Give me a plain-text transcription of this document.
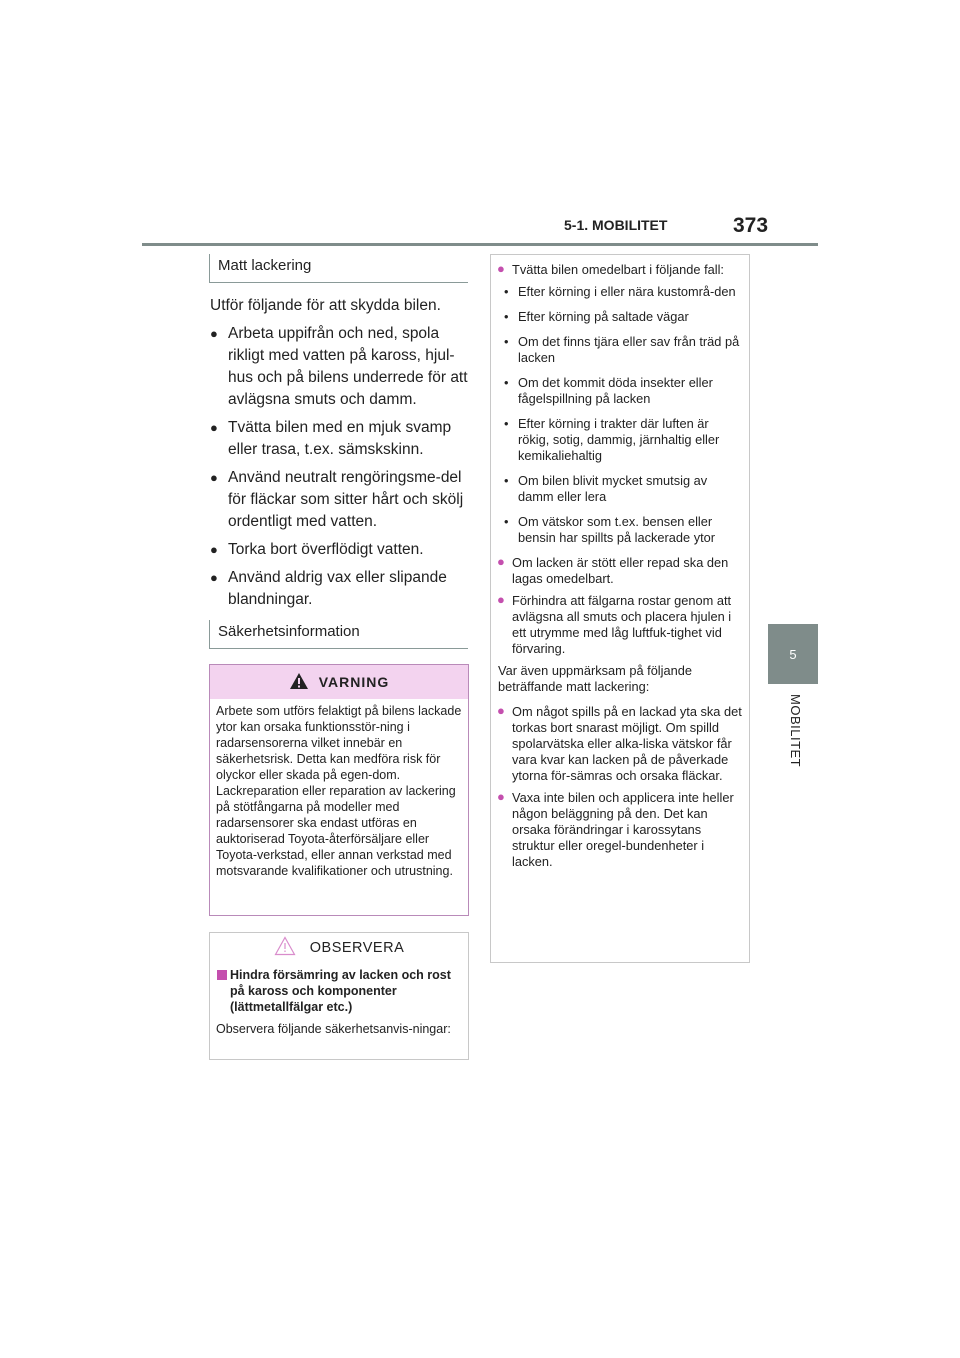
5-1. MOBILITET	373
5
MOBILITET
Matt lackering

Utför följande för att skydda bilen.

● Arbeta uppifrån och ned, spola rikligt med vatten på kaross, hjul-hus och på bilens underrede för att avlägsna smuts och damm.
● Tvätta bilen med en mjuk svamp eller trasa, t.ex. sämskskinn.
● Använd neutralt rengöringsme-del för fläckar som sitter hårt och skölj ordentligt med vatten.
● Torka bort överflödigt vatten.
● Använd aldrig vax eller slipande blandningar.
Säkerhetsinformation
VARNING
Arbete som utförs felaktigt på bilens lackade ytor kan orsaka funktionsstör-ning i radarsensorerna vilket innebär en säkerhetsrisk. Detta kan medföra risk för olyckor eller skada på egen-dom. Lackreparation eller reparation av lackering på stötfångarna på modeller med radarsensorer ska endast utföras en auktoriserad Toyota-återförsäljare eller Toyota-verkstad, eller annan verkstad med motsvarande kvalifikationer och utrustning.
OBSERVERA
Hindra försämring av lacken och rost på kaross och komponenter (lättmetallfälgar etc.)
Observera följande säkerhetsanvis-ningar:
● Tvätta bilen omedelbart i följande fall:
• Efter körning i eller nära kustområ-den
• Efter körning på saltade vägar
• Om det finns tjära eller sav från träd på lacken
• Om det kommit döda insekter eller fågelspillning på lacken
• Efter körning i trakter där luften är rökig, sotig, dammig, järnhaltig eller kemikaliehaltig
• Om bilen blivit mycket smutsig av damm eller lera
• Om vätskor som t.ex. bensen eller bensin har spillts på lackerade ytor
● Om lacken är stött eller repad ska den lagas omedelbart.
● Förhindra att fälgarna rostar genom att avlägsna all smuts och placera hjulen i ett utrymme med låg luftfuk-tighet vid förvaring.
Var även uppmärksam på följande beträffande matt lackering:
● Om något spills på en lackad yta ska det torkas bort snarast möjligt. Om spilld spolarvätska eller alka-liska vätskor får vara kvar kan lacken på de påverkade ytorna för-sämras och orsaka fläckar.
● Vaxa inte bilen och applicera inte heller någon beläggning på den. Det kan orsaka förändringar i karossytans struktur eller oregel-bundenheter i lacken.
